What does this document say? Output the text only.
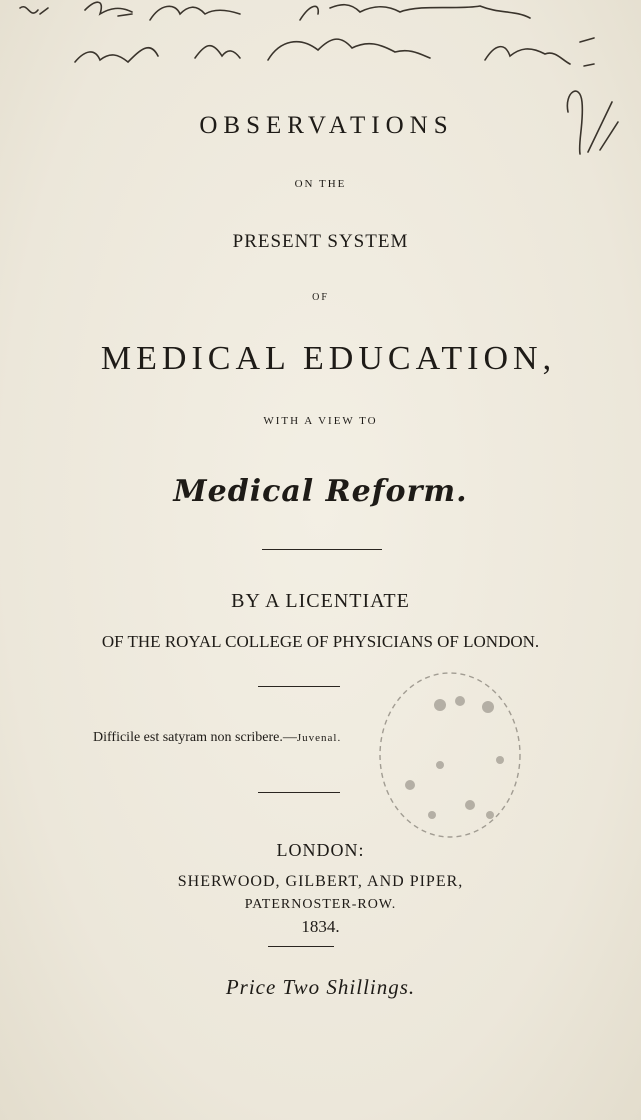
OBSERVATIONS
ON THE
PRESENT SYSTEM
OF
MEDICAL EDUCATION,
WITH A VIEW TO
Medical Reform.
BY A LICENTIATE
OF THE ROYAL COLLEGE OF PHYSICIANS OF LONDON.
Difficile est satyram non scribere.—Juvenal.
LONDON:
SHERWOOD, GILBERT, AND PIPER,
PATERNOSTER-ROW.
1834.
Price Two Shillings.
